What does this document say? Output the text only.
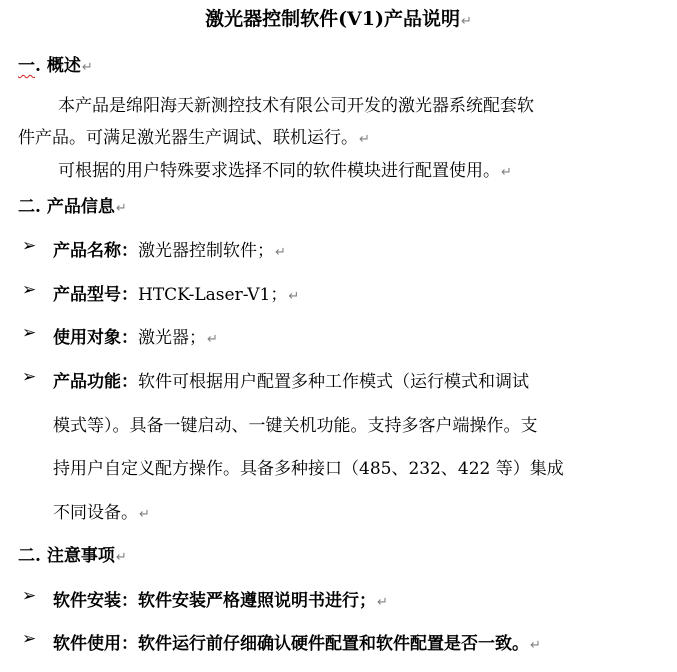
激光器控制软件(V1)产品说明↵
一. 概述↵
本产品是绵阳海天新测控技术有限公司开发的激光器系统配套软
件产品。可满足激光器生产调试、联机运行。↵
可根据的用户特殊要求选择不同的软件模块进行配置使用。↵
二. 产品信息↵
➢ 产品名称：激光器控制软件；↵
➢ 产品型号：HTCK-Laser-V1；↵
➢ 使用对象：激光器；↵
➢ 产品功能：软件可根据用户配置多种工作模式（运行模式和调试
模式等）。具备一键启动、一键关机功能。支持多客户端操作。支
持用户自定义配方操作。具备多种接口（485、232、422 等）集成
不同设备。↵
二. 注意事项↵
➢ 软件安装：软件安装严格遵照说明书进行；↵
➢ 软件使用：软件运行前仔细确认硬件配置和软件配置是否一致。↵
